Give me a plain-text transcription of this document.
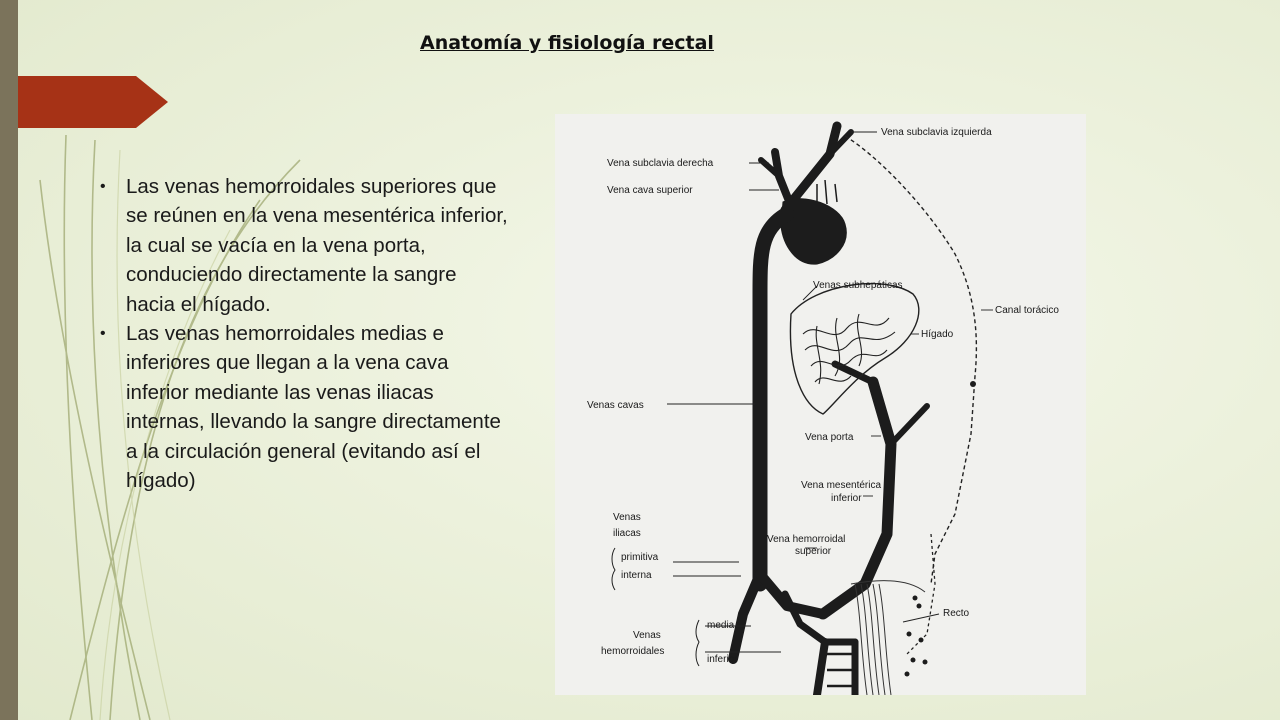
Anatomía y fisiología rectal
• Las venas hemorroidales superiores que se reúnen en la vena mesentérica inferior, la cual se vacía en la vena porta, conduciendo directamente la sangre hacia el hígado.
• Las venas hemorroidales medias e inferiores que llegan a la vena cava inferior mediante las venas iliacas internas, llevando la sangre directamente a la circulación general (evitando así el hígado)
Vena subclavia izquierda
Vena subclavia derecha
Vena cava superior
Venas subhepáticas
Canal torácico
Hígado
Venas cavas
Vena porta
Vena mesentérica
inferior
Venas
iliacas
Vena hemorroidal
superior
primitiva
interna
Recto
Venas
hemorroidales
media
inferior
